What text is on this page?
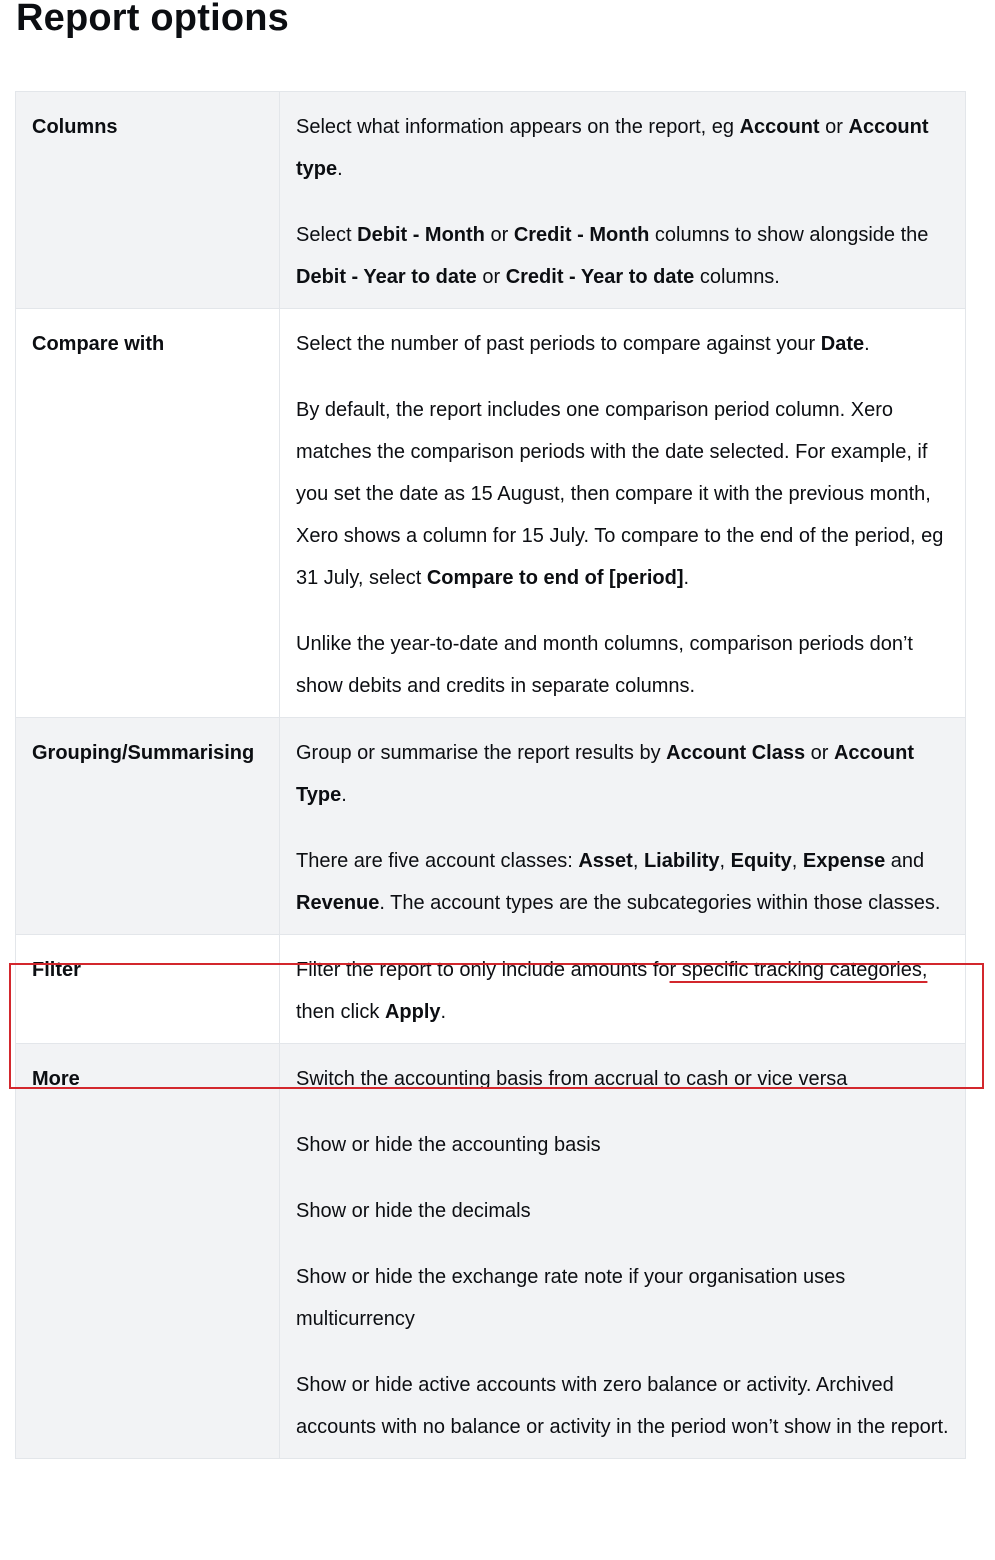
Report options
Columns	Select what information appears on the report, eg Account or Account type.

Select Debit - Month or Credit - Month columns to show alongside the Debit - Year to date or Credit - Year to date columns.

Compare with	Select the number of past periods to compare against your Date.

By default, the report includes one comparison period column. Xero matches the comparison periods with the date selected. For example, if you set the date as 15 August, then compare it with the previous month, Xero shows a column for 15 July. To compare to the end of the period, eg 31 July, select Compare to end of [period].

Unlike the year-to-date and month columns, comparison periods don’t show debits and credits in separate columns.

Grouping/Summarising	Group or summarise the report results by Account Class or Account Type.

There are five account classes: Asset, Liability, Equity, Expense and Revenue. The account types are the subcategories within those classes.

Filter	Filter the report to only include amounts for specific tracking categories, then click Apply.

More	Switch the accounting basis from accrual to cash or vice versa

Show or hide the accounting basis

Show or hide the decimals

Show or hide the exchange rate note if your organisation uses multicurrency

Show or hide active accounts with zero balance or activity. Archived accounts with no balance or activity in the period won’t show in the report.
